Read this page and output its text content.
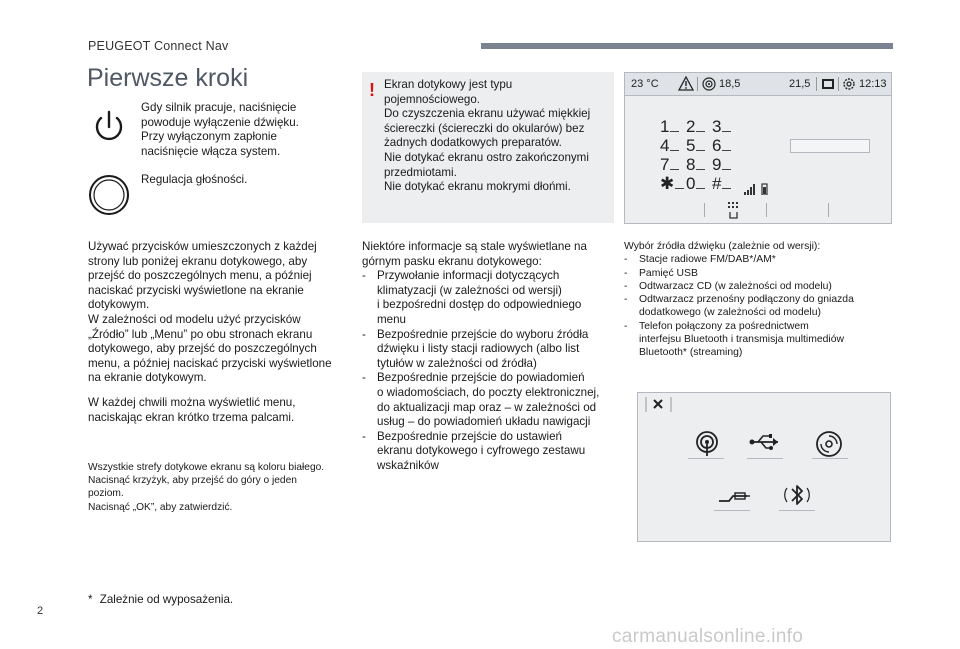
PEUGEOT Connect Nav
Pierwsze kroki
Gdy silnik pracuje, naciśnięcie
powoduje wyłączenie dźwięku.
Przy wyłączonym zapłonie
naciśnięcie włącza system.
Regulacja głośności.
Używać przycisków umieszczonych z każdej
strony lub poniżej ekranu dotykowego, aby
przejść do poszczególnych menu, a później
naciskać przyciski wyświetlone na ekranie
dotykowym.
W zależności od modelu użyć przycisków
„Źródło” lub „Menu” po obu stronach ekranu
dotykowego, aby przejść do poszczególnych
menu, a później naciskać przyciski wyświetlone
na ekranie dotykowym.
W każdej chwili można wyświetlić menu,
naciskając ekran krótko trzema palcami.
Wszystkie strefy dotykowe ekranu są koloru białego.
Nacisnąć krzyżyk, aby przejść do góry o jeden
poziom.
Nacisnąć „OK”, aby zatwierdzić.
* Zależnie od wyposażenia.
! Ekran dotykowy jest typu
pojemnościowego.
Do czyszczenia ekranu używać miękkiej
ściereczki (ściereczki do okularów) bez
żadnych dodatkowych preparatów.
Nie dotykać ekranu ostro zakończonymi
przedmiotami.
Nie dotykać ekranu mokrymi dłońmi.
Niektóre informacje są stale wyświetlane na
górnym pasku ekranu dotykowego:
- Przywołanie informacji dotyczących
klimatyzacji (w zależności od wersji)
i bezpośredni dostęp do odpowiedniego
menu
- Bezpośrednie przejście do wyboru źródła
dźwięku i listy stacji radiowych (albo list
tytułów w zależności od źródła)
- Bezpośrednie przejście do powiadomień
o wiadomościach, do poczty elektronicznej,
do aktualizacji map oraz – w zależności od
usług – do powiadomień układu nawigacji
- Bezpośrednie przejście do ustawień
ekranu dotykowego i cyfrowego zestawu
wskaźników
23 °C	18,5	21,5	12:13
1 2 3
4 5 6
7 8 9
✱ 0 #
Wybór źródła dźwięku (zależnie od wersji):
- Stacje radiowe FM/DAB*/AM*
- Pamięć USB
- Odtwarzacz CD (w zależności od modelu)
- Odtwarzacz przenośny podłączony do gniazda
dodatkowego (w zależności od modelu)
- Telefon połączony za pośrednictwem
interfejsu Bluetooth i transmisja multimediów
Bluetooth* (streaming)
2
carmanualsonline.info
